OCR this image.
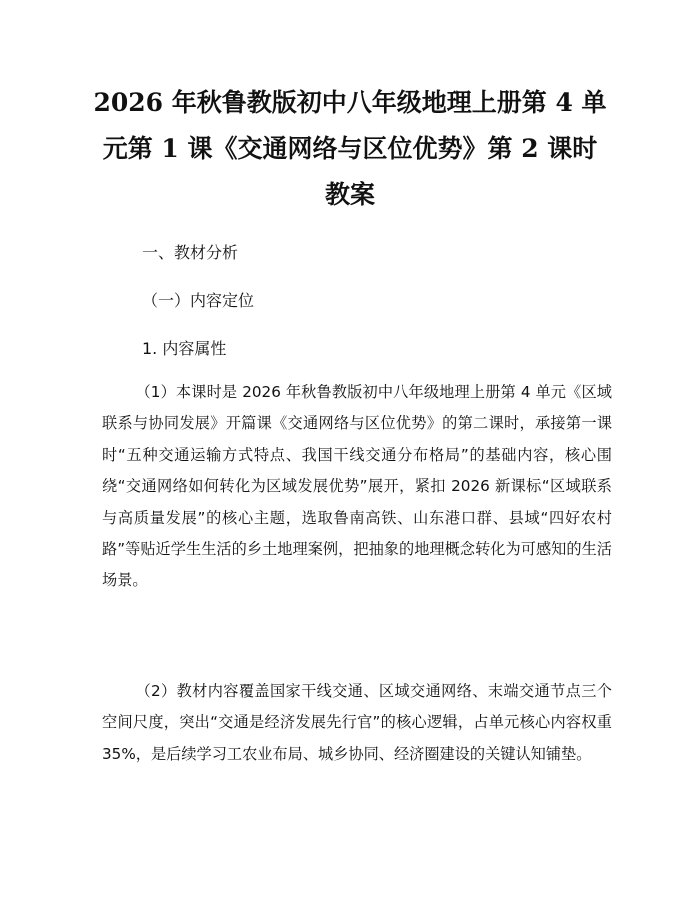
2026 年秋鲁教版初中八年级地理上册第 4 单
元第 1 课《交通网络与区位优势》第 2 课时
教案
一、教材分析
（一）内容定位
1. 内容属性
（1）本课时是 2026 年秋鲁教版初中八年级地理上册第 4 单元《区域联系与协同发展》开篇课《交通网络与区位优势》的第二课时，承接第一课时“五种交通运输方式特点、我国干线交通分布格局”的基础内容，核心围绕“交通网络如何转化为区域发展优势”展开，紧扣 2026 新课标“区域联系与高质量发展”的核心主题，选取鲁南高铁、山东港口群、县域“四好农村路”等贴近学生生活的乡土地理案例，把抽象的地理概念转化为可感知的生活场景。
（2）教材内容覆盖国家干线交通、区域交通网络、末端交通节点三个空间尺度，突出“交通是经济发展先行官”的核心逻辑，占单元核心内容权重 35%，是后续学习工农业布局、城乡协同、经济圈建设的关键认知铺垫。
